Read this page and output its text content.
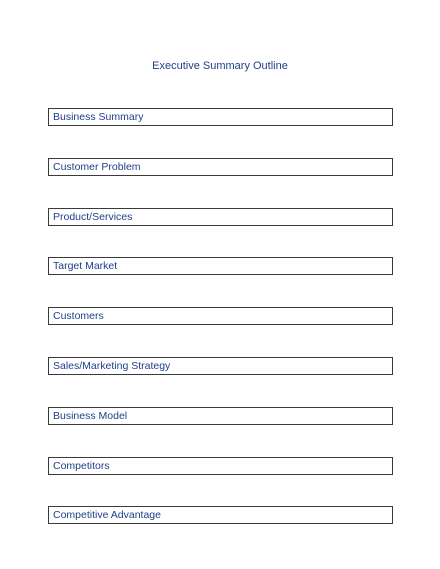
Executive Summary Outline
Business Summary
Customer Problem
Product/Services
Target Market
Customers
Sales/Marketing Strategy
Business Model
Competitors
Competitive Advantage
